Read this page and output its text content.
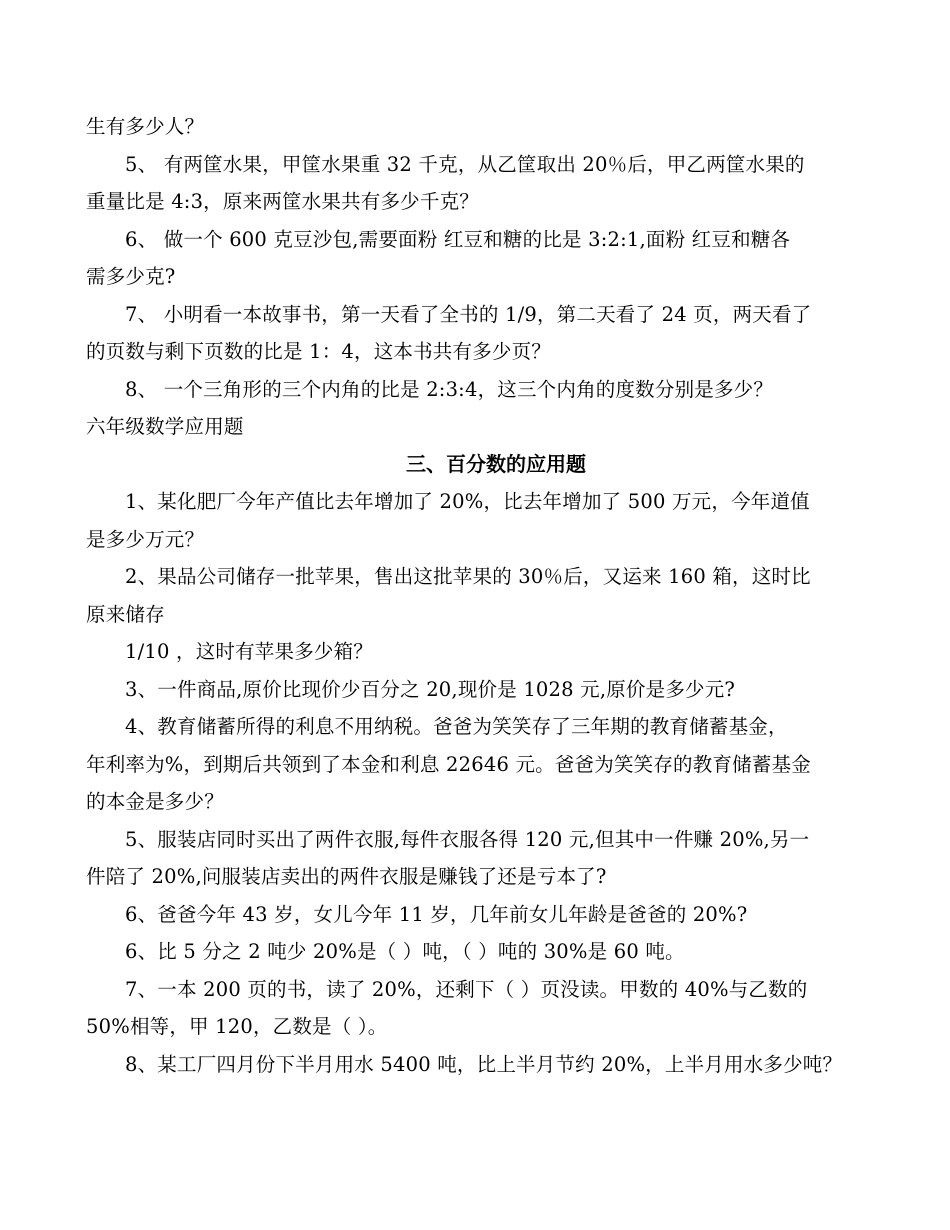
生有多少人？
5、 有两筐水果，甲筐水果重 32 千克，从乙筐取出 20％后，甲乙两筐水果的
重量比是 4:3，原来两筐水果共有多少千克？
6、 做一个 600 克豆沙包,需要面粉 红豆和糖的比是 3:2:1,面粉 红豆和糖各
需多少克?
7、 小明看一本故事书，第一天看了全书的 1/9，第二天看了 24 页，两天看了
的页数与剩下页数的比是 1：4，这本书共有多少页？
8、 一个三角形的三个内角的比是 2:3:4，这三个内角的度数分别是多少？
六年级数学应用题
三、百分数的应用题
1、某化肥厂今年产值比去年增加了 20%，比去年增加了 500 万元，今年道值
是多少万元？
2、果品公司储存一批苹果，售出这批苹果的 30％后，又运来 160 箱，这时比
原来储存
1/10 ，这时有苹果多少箱？
3、一件商品,原价比现价少百分之 20,现价是 1028 元,原价是多少元?
4、教育储蓄所得的利息不用纳税。爸爸为笑笑存了三年期的教育储蓄基金，
年利率为%，到期后共领到了本金和利息 22646 元。爸爸为笑笑存的教育储蓄基金
的本金是多少？
5、服装店同时买出了两件衣服,每件衣服各得 120 元,但其中一件赚 20%,另一
件陪了 20%,问服装店卖出的两件衣服是赚钱了还是亏本了?
6、爸爸今年 43 岁，女儿今年 11 岁，几年前女儿年龄是爸爸的 20%?
6、比 5 分之 2 吨少 20%是（ ）吨，（ ）吨的 30%是 60 吨。
7、一本 200 页的书，读了 20%，还剩下（ ）页没读。甲数的 40%与乙数的
50%相等，甲 120，乙数是（ ）。
8、某工厂四月份下半月用水 5400 吨，比上半月节约 20%，上半月用水多少吨？
